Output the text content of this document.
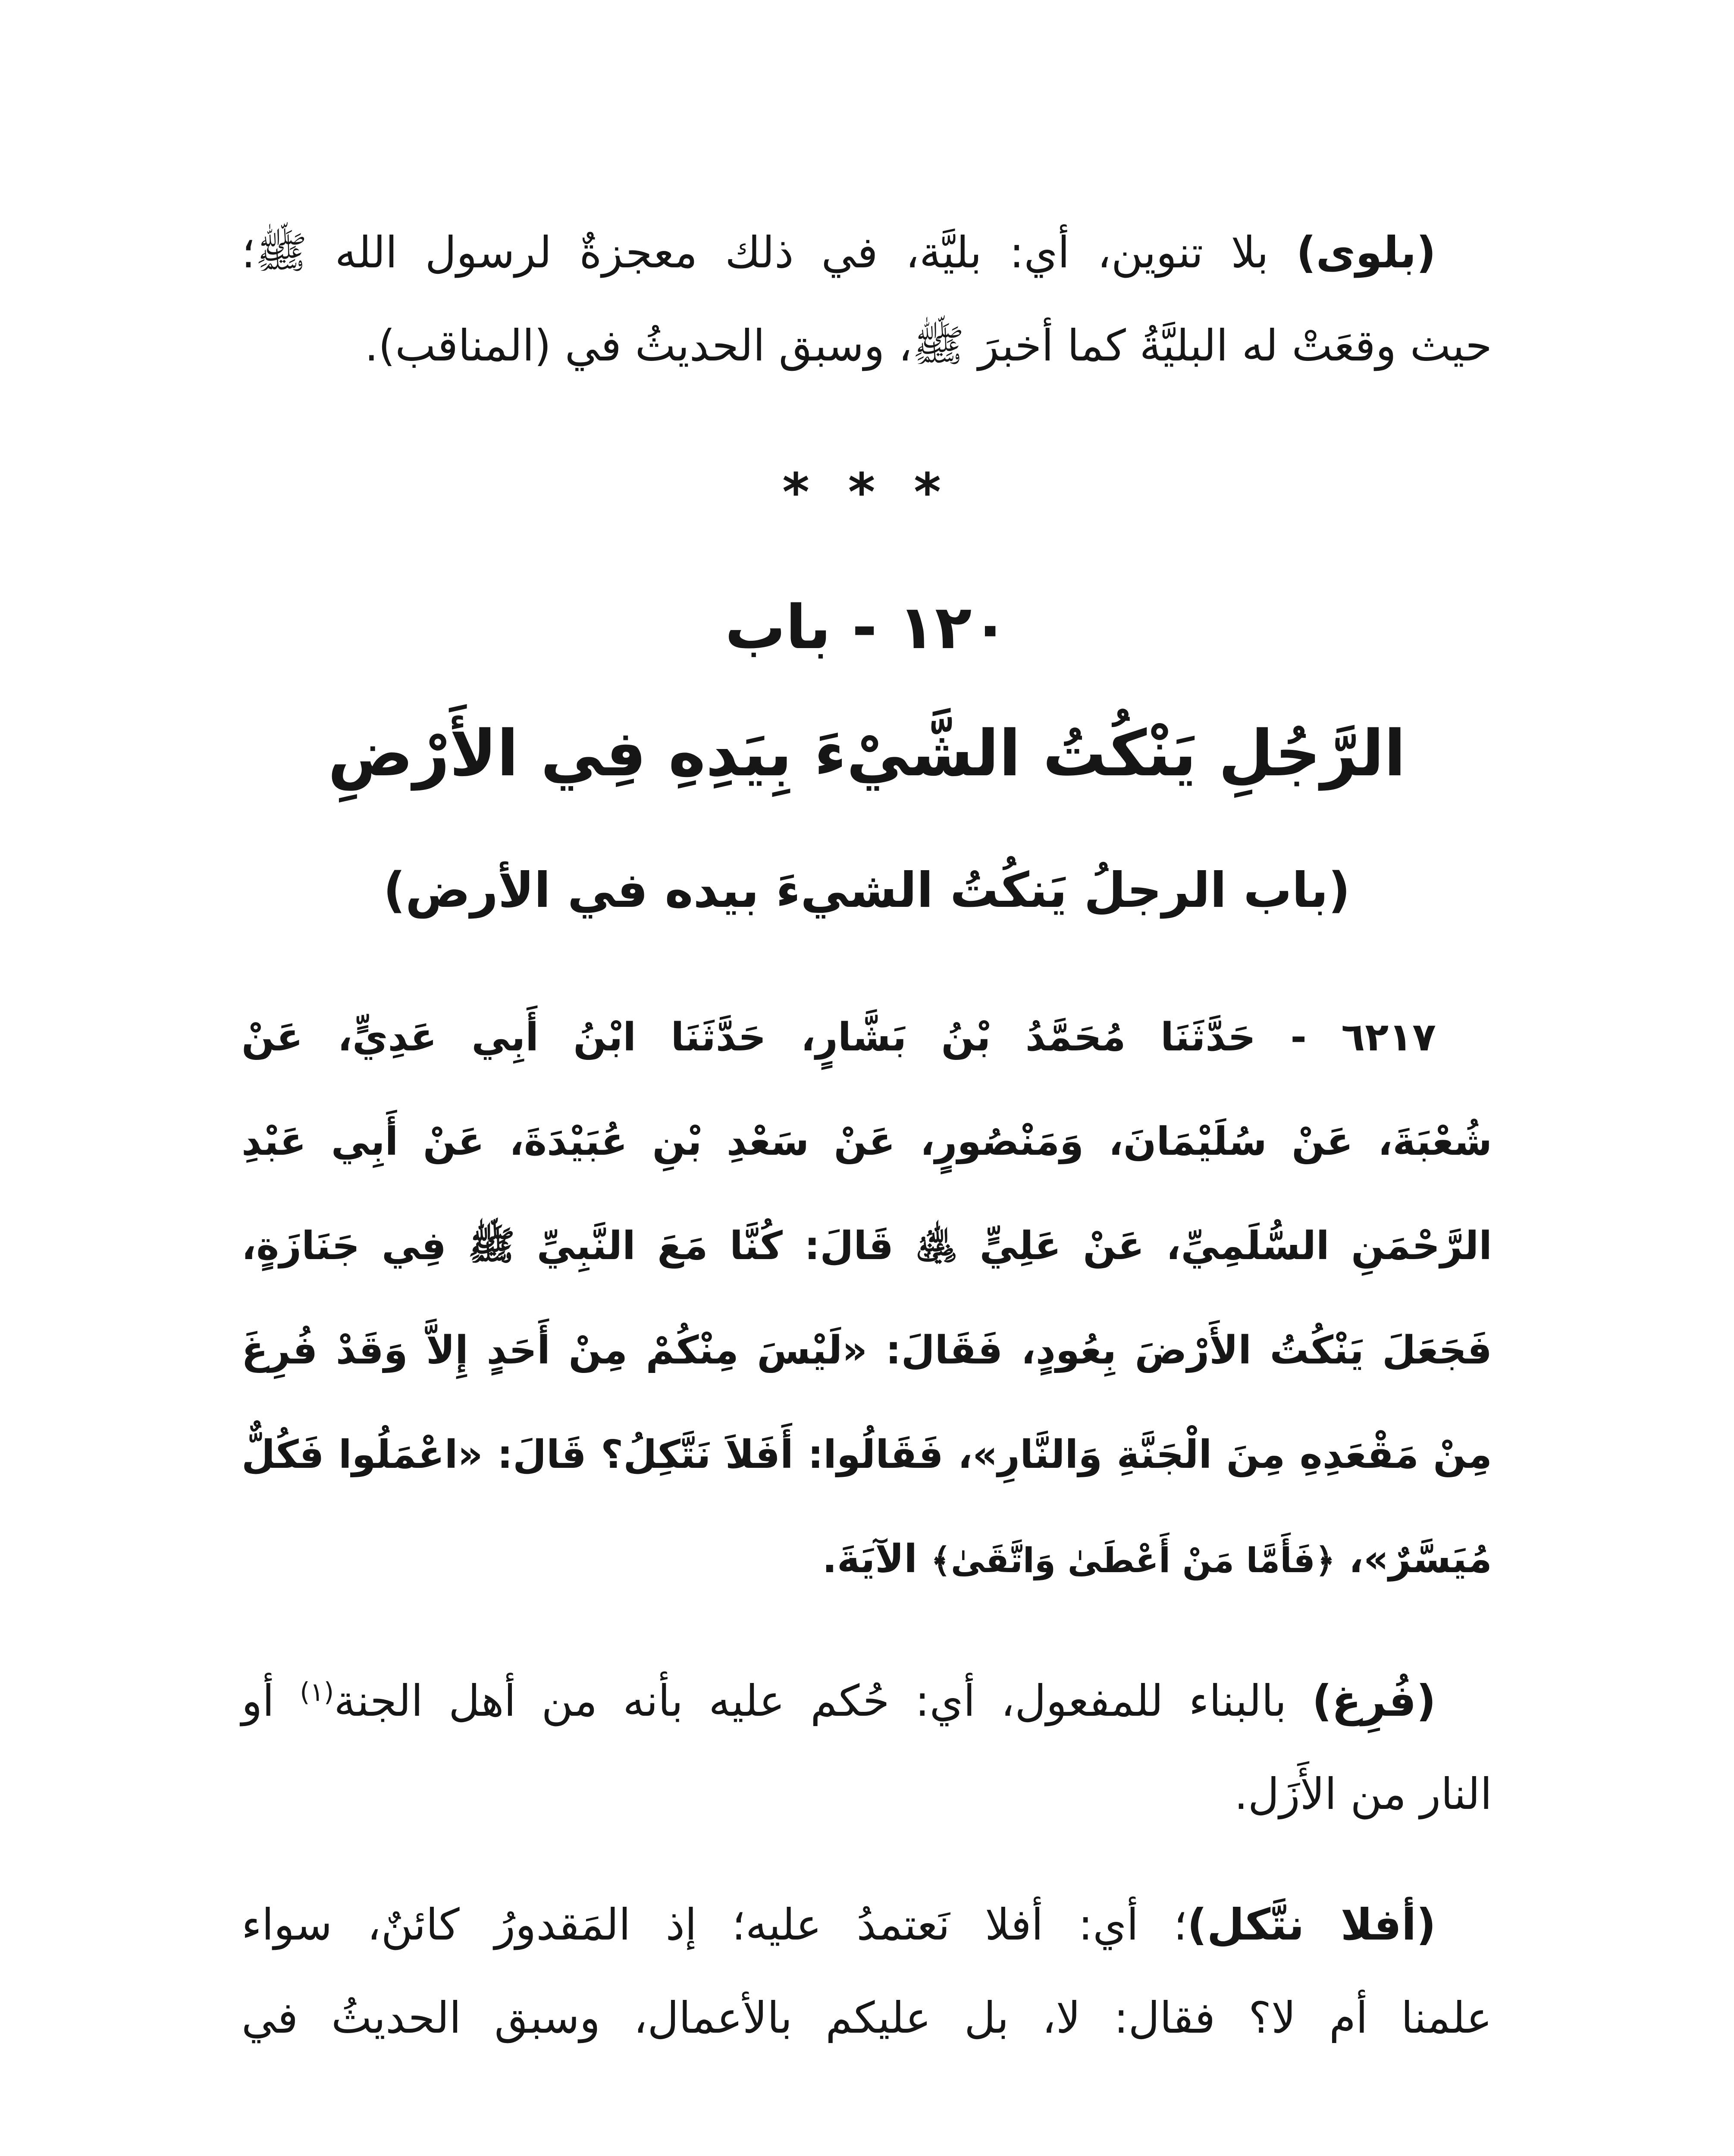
(بلوى) بلا تنوين، أي: بليَّة، في ذلك معجزةٌ لرسول الله ﷺ؛
حيث وقعَتْ له البليَّةُ كما أخبرَ ﷺ، وسبق الحديثُ في (المناقب).
* * *
١٢٠ - باب
الرَّجُلِ يَنْكُتُ الشَّيْءَ بِيَدِهِ فِي الأَرْضِ
(باب الرجلُ يَنكُتُ الشيءَ بيده في الأرض)
٦٢١٧ - حَدَّثَنَا مُحَمَّدُ بْنُ بَشَّارٍ، حَدَّثَنَا ابْنُ أَبِي عَدِيٍّ، عَنْ
شُعْبَةَ، عَنْ سُلَيْمَانَ، وَمَنْصُورٍ، عَنْ سَعْدِ بْنِ عُبَيْدَةَ، عَنْ أَبِي عَبْدِ
الرَّحْمَنِ السُّلَمِيِّ، عَنْ عَلِيٍّ ﵁ قَالَ: كُنَّا مَعَ النَّبِيِّ ﷺ فِي جَنَازَةٍ،
فَجَعَلَ يَنْكُتُ الأَرْضَ بِعُودٍ، فَقَالَ: «لَيْسَ مِنْكُمْ مِنْ أَحَدٍ إِلاَّ وَقَدْ فُرِغَ
مِنْ مَقْعَدِهِ مِنَ الْجَنَّةِ وَالنَّارِ»، فَقَالُوا: أَفَلاَ نَتَّكِلُ؟ قَالَ: «اعْمَلُوا فَكُلٌّ
مُيَسَّرٌ»، ﴿فَأَمَّا مَنْ أَعْطَىٰ وَاتَّقَىٰ﴾ الآيَةَ.
(فُرِغ) بالبناء للمفعول، أي: حُكم عليه بأنه من أهل الجنة$^{(١)}$ أو
النار من الأَزَل.
(أفلا نتَّكل)؛ أي: أفلا نَعتمدُ عليه؛ إذ المَقدورُ كائنٌ، سواء
علمنا أم لا؟ فقال: لا، بل عليكم بالأعمال، وسبق الحديثُ في
